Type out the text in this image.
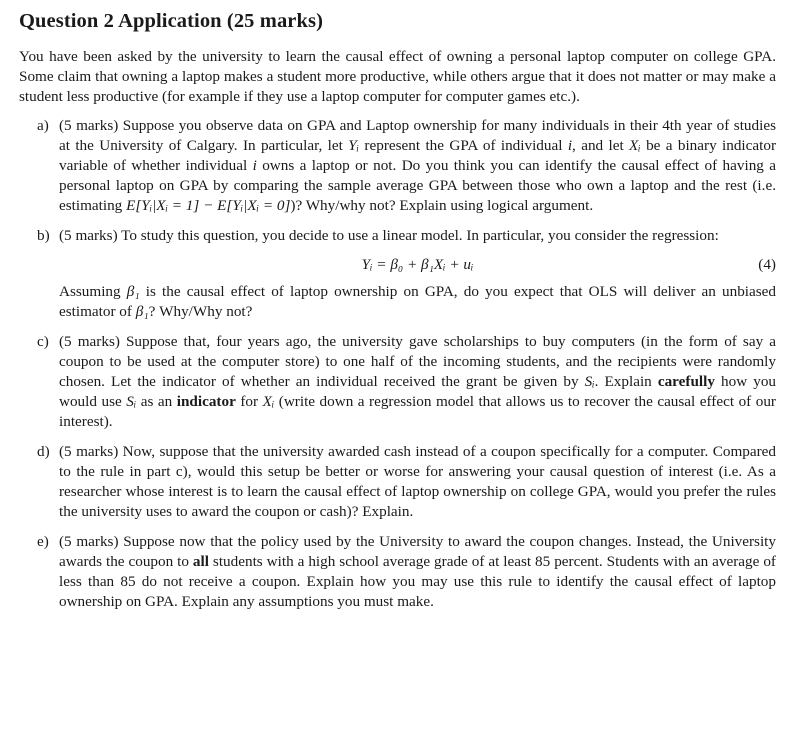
Question 2 Application (25 marks)

You have been asked by the university to learn the causal effect of owning a personal laptop computer on college GPA. Some claim that owning a laptop makes a student more productive, while others argue that it does not matter or may make a student less productive (for example if they use a laptop computer for computer games etc.).

a) (5 marks) Suppose you observe data on GPA and Laptop ownership for many individuals in their 4th year of studies at the University of Calgary. In particular, let Yᵢ represent the GPA of individual i, and let Xᵢ be a binary indicator variable of whether individual i owns a laptop or not. Do you think you can identify the causal effect of having a personal laptop on GPA by comparing the sample average GPA between those who own a laptop and the rest (i.e. estimating E[Yᵢ|Xᵢ = 1] − E[Yᵢ|Xᵢ = 0])? Why/why not? Explain using logical argument.

b) (5 marks) To study this question, you decide to use a linear model. In particular, you consider the regression:

Yᵢ = β₀ + β₁Xᵢ + uᵢ	(4)

Assuming β₁ is the causal effect of laptop ownership on GPA, do you expect that OLS will deliver an unbiased estimator of β₁? Why/Why not?

c) (5 marks) Suppose that, four years ago, the university gave scholarships to buy computers (in the form of say a coupon to be used at the computer store) to one half of the incoming students, and the recipients were randomly chosen. Let the indicator of whether an individual received the grant be given by Sᵢ. Explain carefully how you would use Sᵢ as an indicator for Xᵢ (write down a regression model that allows us to recover the causal effect of our interest).

d) (5 marks) Now, suppose that the university awarded cash instead of a coupon specifically for a computer. Compared to the rule in part c), would this setup be better or worse for answering your causal question of interest (i.e. As a researcher whose interest is to learn the causal effect of laptop ownership on college GPA, would you prefer the rules the university uses to award the coupon or cash)? Explain.

e) (5 marks) Suppose now that the policy used by the University to award the coupon changes. Instead, the University awards the coupon to all students with a high school average grade of at least 85 percent. Students with an average of less than 85 do not receive a coupon. Explain how you may use this rule to identify the causal effect of laptop ownership on GPA. Explain any assumptions you must make.
